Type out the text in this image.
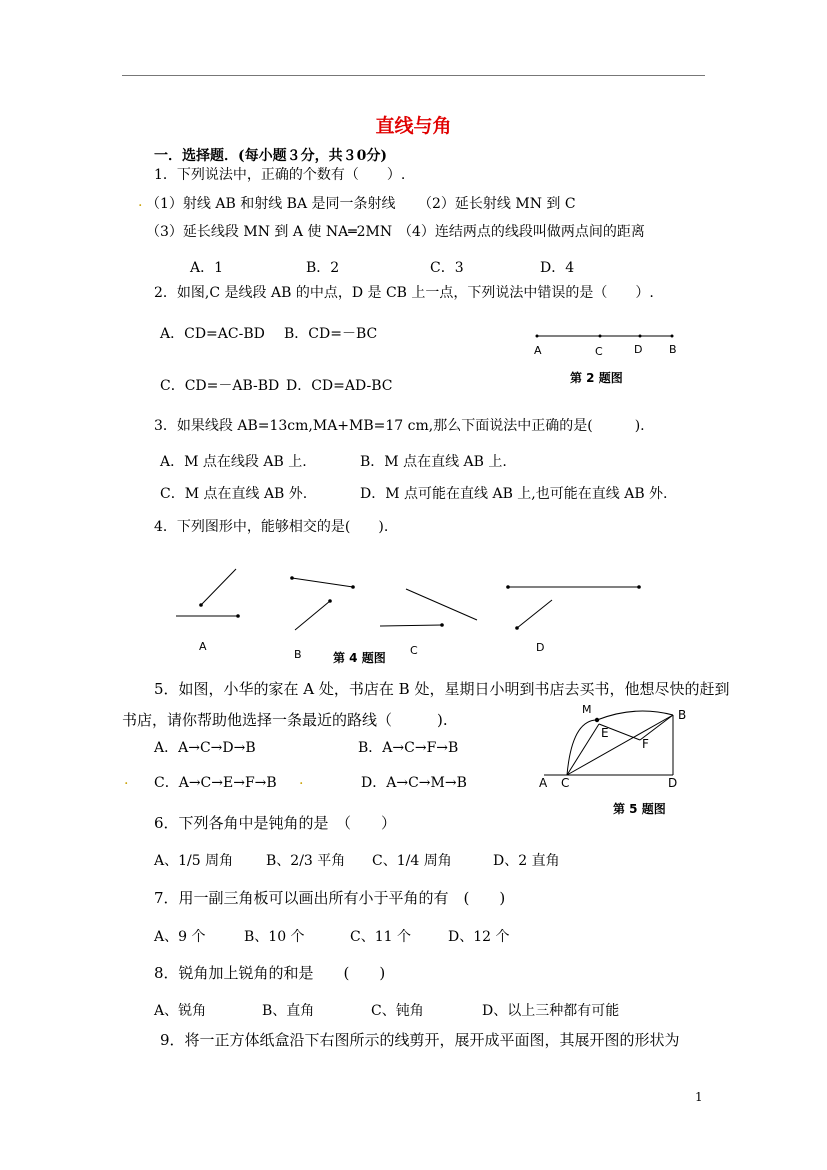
直线与角
一．选择题．(每小题３分，共３0分)
1．下列说法中，正确的个数有（　　）.
. （1）射线 AB 和射线 BA 是同一条射线 （2）延长射线 MN 到 C
（3）延长线段 MN 到 A 使 NA═2MN （4）连结两点的线段叫做两点间的距离
A．1	B．2	C．3	D．4
2．如图,C 是线段 AB 的中点，D 是 CB 上一点，下列说法中错误的是（　　）.
A．CD=AC-BD B．CD=－BC
C．CD=－AB-BD D．CD=AD-BC
A	C	D B
第 2 题图
3．如果线段 AB=13cm,MA+MB=17 cm,那么下面说法中正确的是(　　　).
A．M 点在线段 AB 上.	B．M 点在直线 AB 上.
C．M 点在直线 AB 外.	D．M 点可能在直线 AB 上,也可能在直线 AB 外.
4．下列图形中，能够相交的是(　　).
A
B	C	D
第 4 题图
5．如图，小华的家在 A 处，书店在 B 处，星期日小明到书店去买书，他想尽快的赶到
书店，请你帮助他选择一条最近的路线（　　　).
A．A→C→D→B	B．A→C→F→B
. C．A→C→E→F→B .	D．A→C→M→B
M	B
E
F
A C	D
第 5 题图
6．下列各角中是钝角的是　（　　）
A、1/5 周角 B、2/3 平角 C、1/4 周角	D、2 直角
7．用一副三角板可以画出所有小于平角的有　(　　)
A、9 个	B、10 个	C、11 个	D、12 个
8．锐角加上锐角的和是　　(　　)
A、锐角	B、直角	C、钝角	D、以上三种都有可能
9．将一正方体纸盒沿下右图所示的线剪开，展开成平面图，其展开图的形状为
1
